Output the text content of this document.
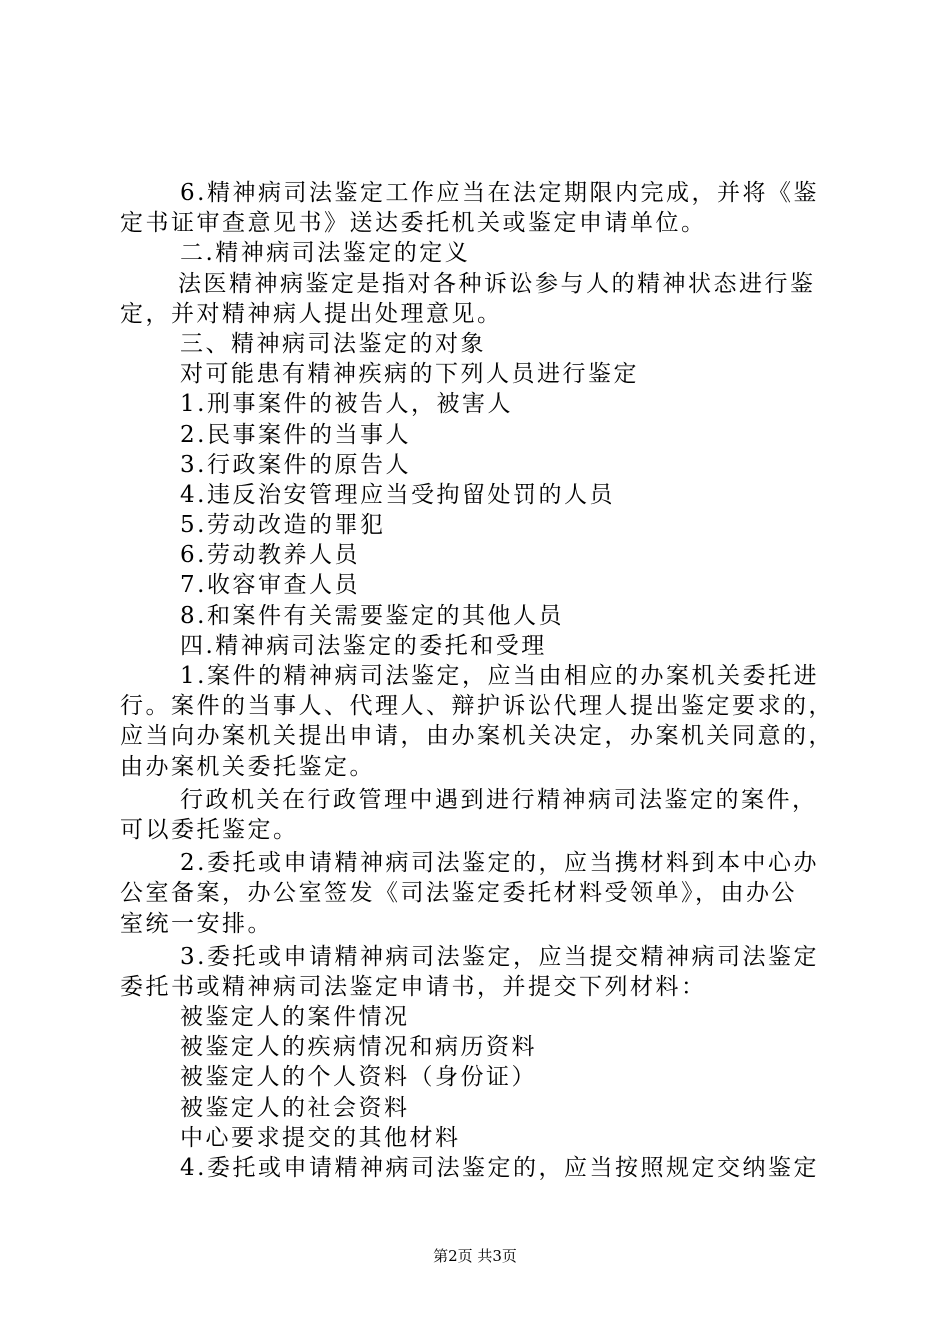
6.精神病司法鉴定工作应当在法定期限内完成，并将《鉴
定书证审查意见书》送达委托机关或鉴定申请单位。
二.精神病司法鉴定的定义
法医精神病鉴定是指对各种诉讼参与人的精神状态进行鉴
定，并对精神病人提出处理意见。
三、精神病司法鉴定的对象
对可能患有精神疾病的下列人员进行鉴定
1.刑事案件的被告人，被害人
2.民事案件的当事人
3.行政案件的原告人
4.违反治安管理应当受拘留处罚的人员
5.劳动改造的罪犯
6.劳动教养人员
7.收容审查人员
8.和案件有关需要鉴定的其他人员
四.精神病司法鉴定的委托和受理
1.案件的精神病司法鉴定，应当由相应的办案机关委托进
行。案件的当事人、代理人、辩护诉讼代理人提出鉴定要求的，
应当向办案机关提出申请，由办案机关决定，办案机关同意的，
由办案机关委托鉴定。
行政机关在行政管理中遇到进行精神病司法鉴定的案件，
可以委托鉴定。
2.委托或申请精神病司法鉴定的，应当携材料到本中心办
公室备案，办公室签发《司法鉴定委托材料受领单》，由办公
室统一安排。
3.委托或申请精神病司法鉴定，应当提交精神病司法鉴定
委托书或精神病司法鉴定申请书，并提交下列材料：
被鉴定人的案件情况
被鉴定人的疾病情况和病历资料
被鉴定人的个人资料（身份证）
被鉴定人的社会资料
中心要求提交的其他材料
4.委托或申请精神病司法鉴定的，应当按照规定交纳鉴定
第2页 共3页
